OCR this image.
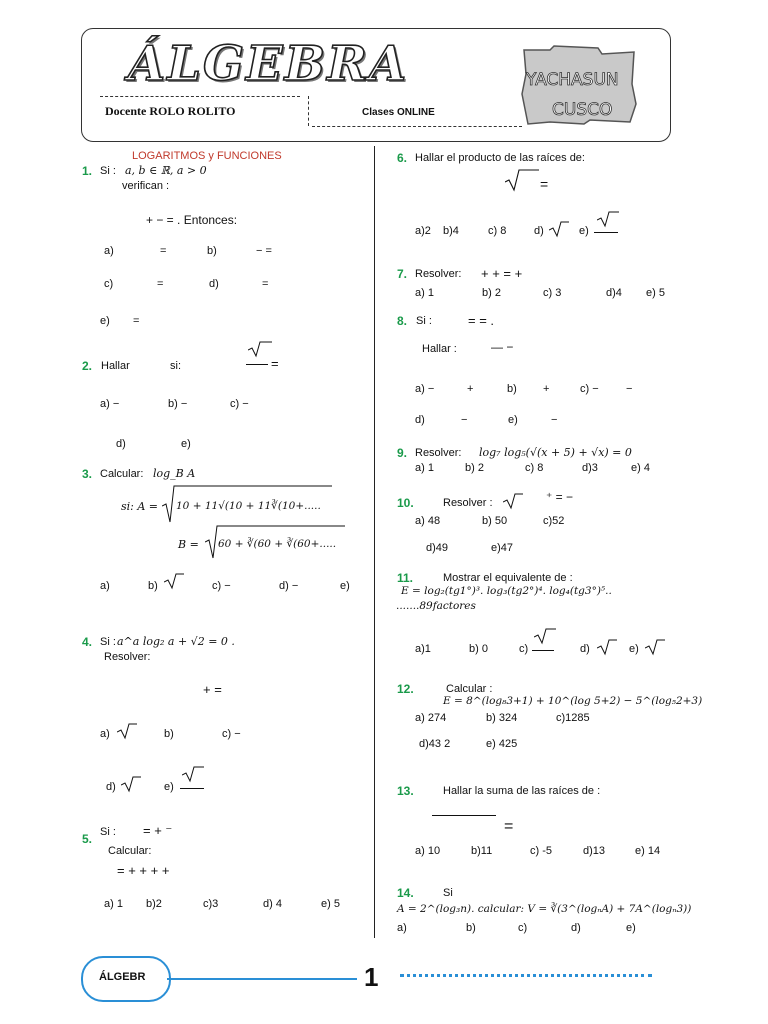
ÁLGEBRA
Docente ROLO ROLITO	Clases ONLINE
YACHASUN
CUSCO
LOGARITMOS y FUNCIONES
1. Si : a, b ∈ ℝ, a > 0
verifican :
+ − = . Entonces:
a)	=	b)	− =
c)	=	d)	=
e) =
2. Hallar	si:	=
a) −	b) −	c) −
d)	e)
3. Calcular: log_B A
si: A = 10 + 11√(10 + 11∛(10+.....
B = 60 + ∛(60 + ∛(60+.....
a)	b)	c) −	d) −	e)
4. Si : a^a log₂ a + √2 = 0 .
Resolver:
+ =
a)	b)	c) −
d)	e)
Si : = + ⁻
5.
Calcular:
= + + + +
a) 1 b)2	c)3	d) 4	e) 5
6. Hallar el producto de las raíces de:
=
a)2 b)4	c) 8	d)	e)
7. Resolver: + + = +
a) 1	b) 2	c) 3	d)4 e) 5
8. Si :	= = .
Hallar :	— −
a) −	+	b) +	c) − −
d)	−	e)	−
9. Resolver: log₇ log₅(√(x + 5) + √x) = 0
a) 1	b) 2	c) 8	d)3	e) 4
10.	Resolver :	⁺ = −
a) 48	b) 50	c)52
d)49	e)47
11.	Mostrar el equivalente de :
E = log₂(tg1°)³. log₃(tg2°)⁴. log₄(tg3°)⁵..
.......89factores
a)1	b) 0	c)	d)	e)
12.	Calcular :
E = 8^(log₈3+1) + 10^(log 5+2) − 5^(log₅2+3)
a) 274	b) 324	c)1285
d)43 2	e) 425
13.	Hallar la suma de las raíces de :
=
a) 10	b)11	c) -5	d)13	e) 14
14.	Si
A = 2^(log₃n). calcular: V = ∛(3^(logₙA) + 7A^(logₙ3))
a)	b)	c)	d)	e)
ÁLGEBR	1
